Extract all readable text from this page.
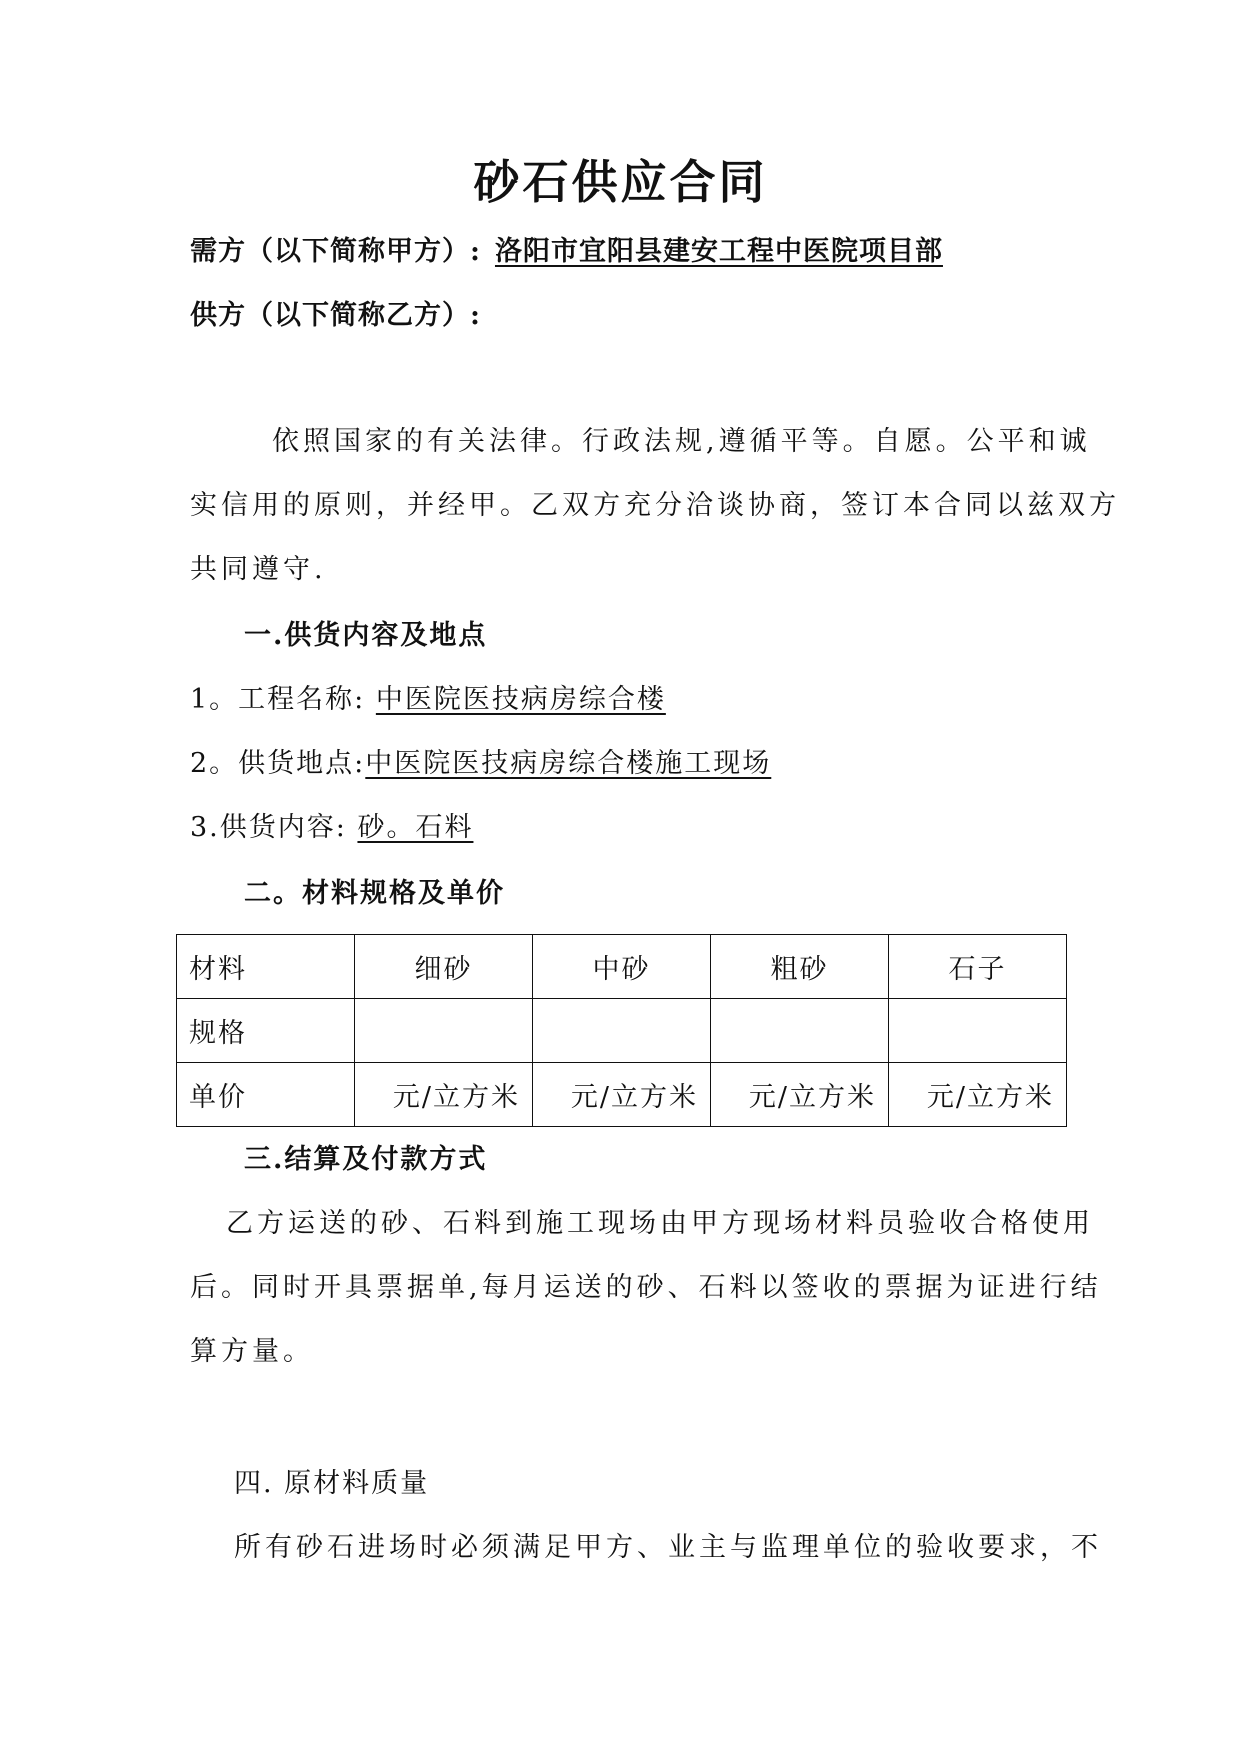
砂石供应合同
需方（以下简称甲方）: 洛阳市宜阳县建安工程中医院项目部
供方（以下简称乙方）:
依照国家的有关法律。行政法规,遵循平等。自愿。公平和诚
实信用的原则，并经甲。乙双方充分洽谈协商，签订本合同以兹双方
共同遵守.
一.供货内容及地点
1。工程名称: 中医院医技病房综合楼
2。供货地点:中医院医技病房综合楼施工现场
3.供货内容: 砂。石料
二。材料规格及单价
材料	细砂	中砂	粗砂	石子
规格				
单价	元/立方米	元/立方米	元/立方米	元/立方米
三.结算及付款方式
乙方运送的砂、石料到施工现场由甲方现场材料员验收合格使用
后。同时开具票据单,每月运送的砂、石料以签收的票据为证进行结
算方量。
四. 原材料质量
所有砂石进场时必须满足甲方、业主与监理单位的验收要求，不
